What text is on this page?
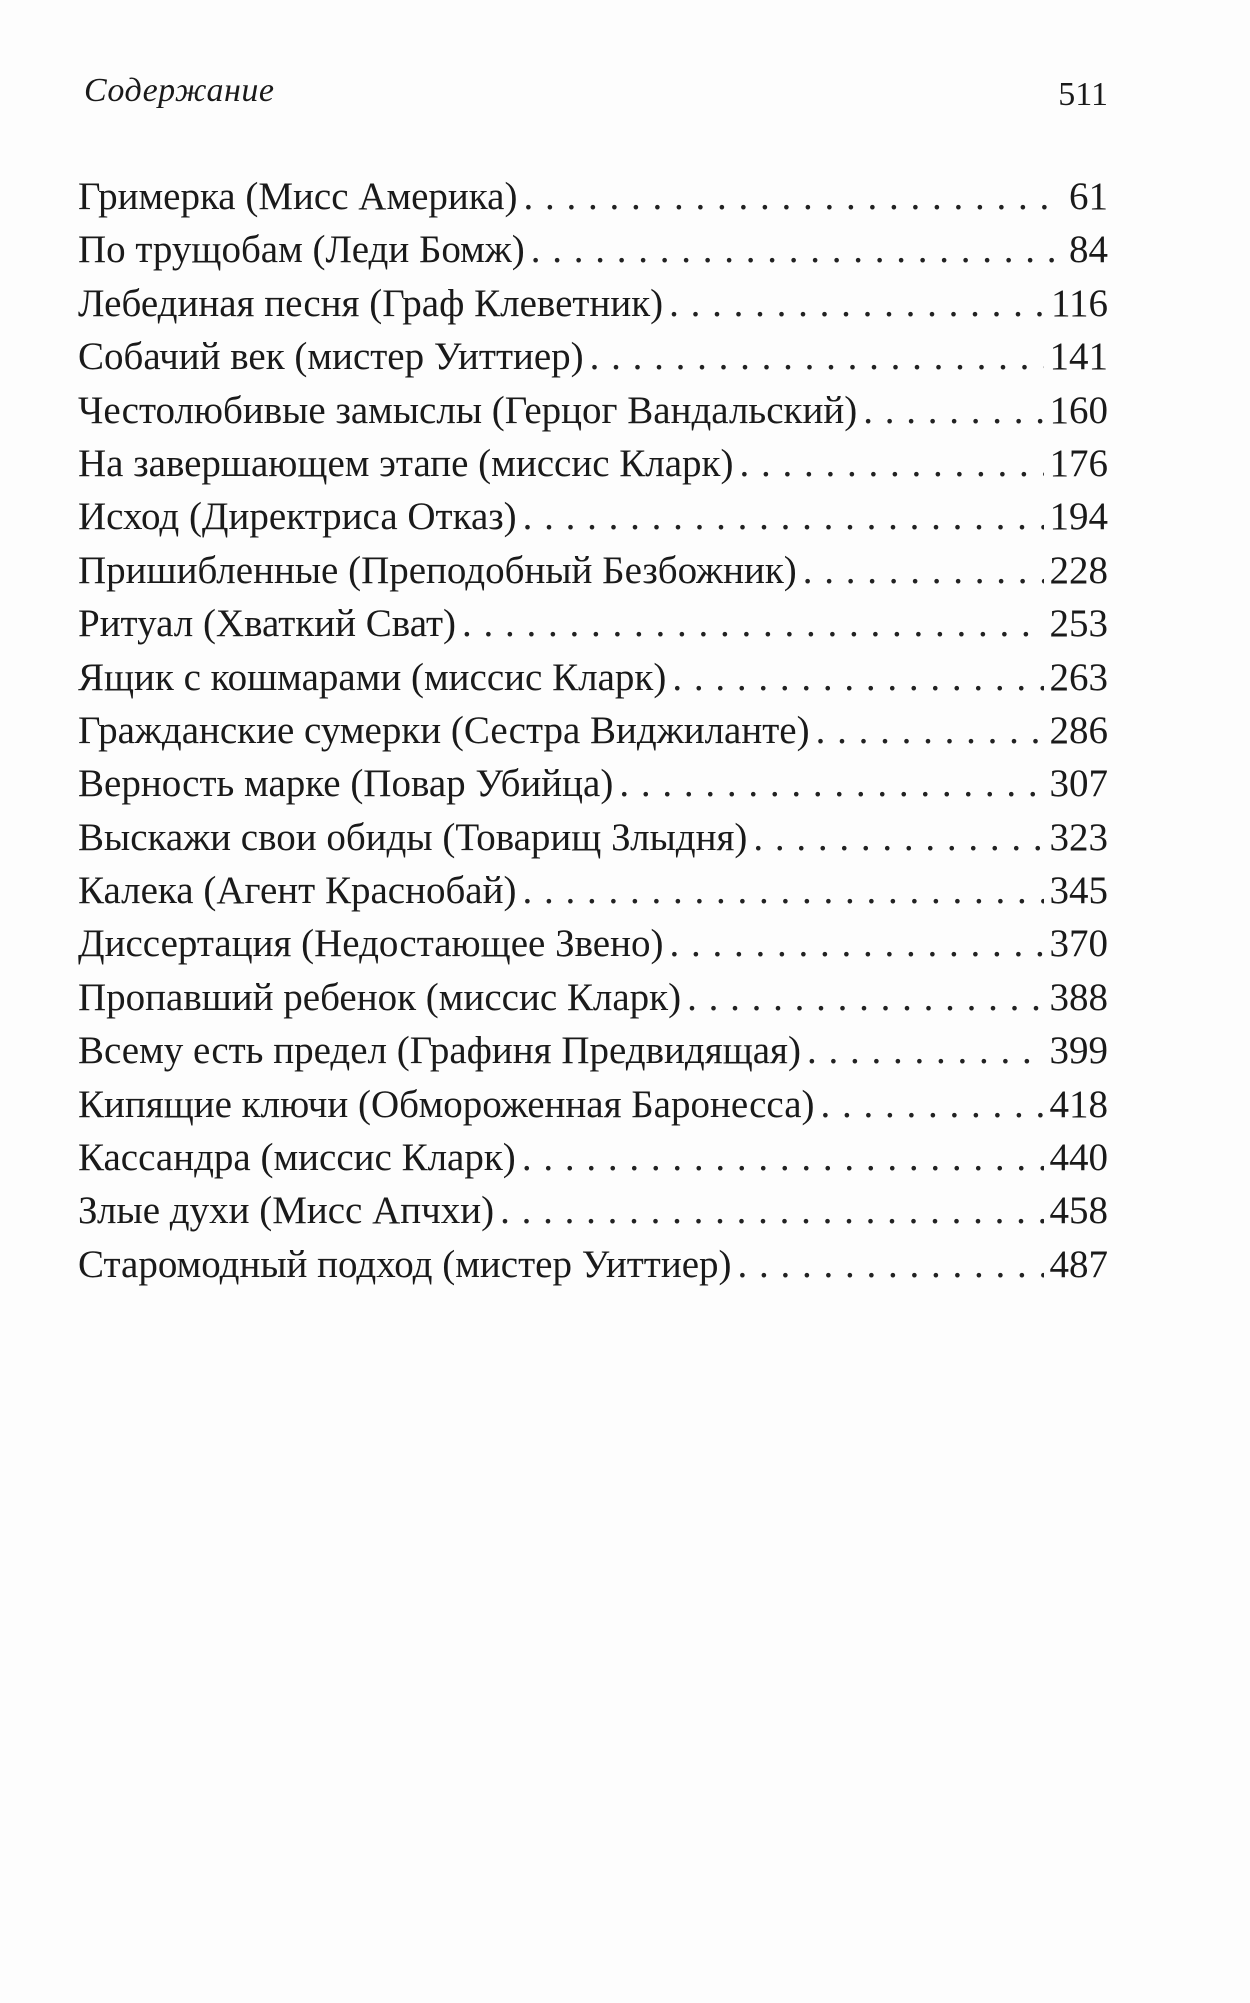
Содержание	511
Гримерка (Мисс Америка) . . .	61
По трущобам (Леди Бомж) . . .	84
Лебединая песня (Граф Клеветник) . . .	116
Собачий век (мистер Уиттиер) . . .	141
Честолюбивые замыслы (Герцог Вандальский) . . .	160
На завершающем этапе (миссис Кларк) . . .	176
Исход (Директриса Отказ) . . .	194
Пришибленные (Преподобный Безбожник) . . .	228
Ритуал (Хваткий Сват) . . .	253
Ящик с кошмарами (миссис Кларк) . . .	263
Гражданские сумерки (Сестра Виджиланте) . . .	286
Верность марке (Повар Убийца) . . .	307
Выскажи свои обиды (Товарищ Злыдня) . . .	323
Калека (Агент Краснобай) . . .	345
Диссертация (Недостающее Звено) . . .	370
Пропавший ребенок (миссис Кларк) . . .	388
Всему есть предел (Графиня Предвидящая) . . .	399
Кипящие ключи (Обмороженная Баронесса) . . .	418
Кассандра (миссис Кларк) . . .	440
Злые духи (Мисс Апчхи) . . .	458
Старомодный подход (мистер Уиттиер) . . .	487
